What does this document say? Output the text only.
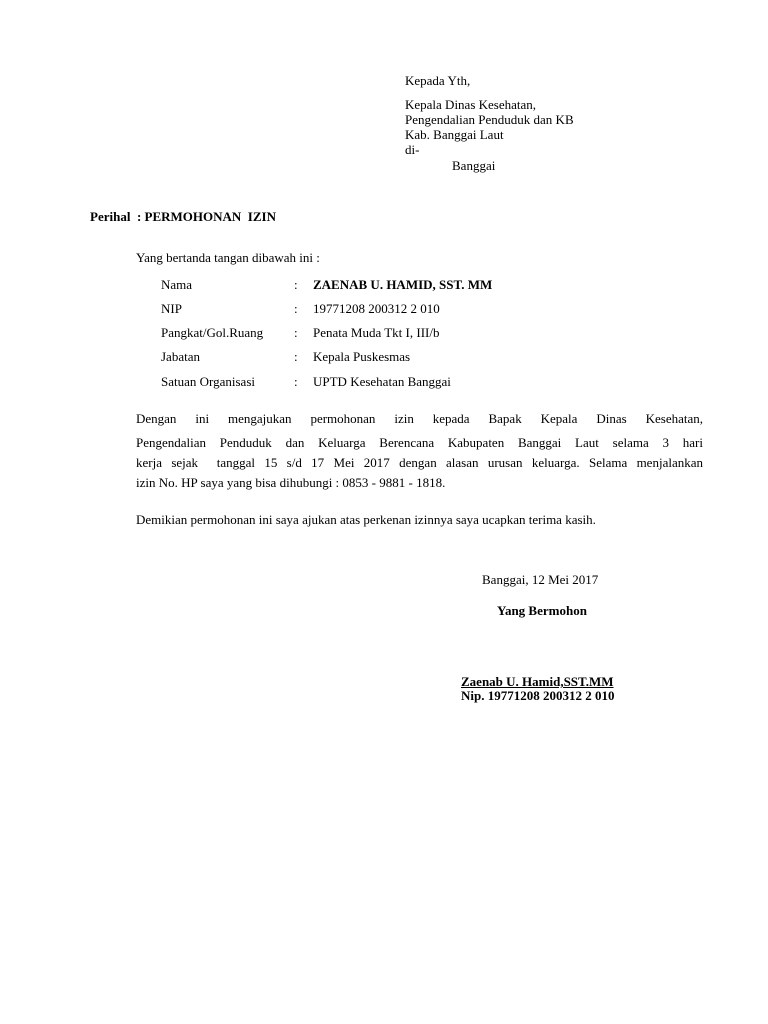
Kepada Yth,
Kepala Dinas Kesehatan,
Pengendalian Penduduk dan KB
Kab. Banggai Laut
di-
Banggai
Perihal : PERMOHONAN  IZIN
Yang bertanda tangan dibawah ini :
Nama	: ZAENAB U. HAMID, SST. MM
NIP	: 19771208 200312 2 010
Pangkat/Gol.Ruang : Penata Muda Tkt I, III/b
Jabatan	: Kepala Puskesmas
Satuan Organisasi	: UPTD Kesehatan Banggai
Dengan ini mengajukan permohonan izin kepada Bapak Kepala Dinas Kesehatan,
Pengendalian Penduduk dan Keluarga Berencana Kabupaten Banggai Laut selama 3 hari
kerja sejak  tanggal 15 s/d 17 Mei 2017 dengan alasan urusan keluarga. Selama menjalankan
izin No. HP saya yang bisa dihubungi : 0853 - 9881 - 1818.
Demikian permohonan ini saya ajukan atas perkenan izinnya saya ucapkan terima kasih.
Banggai, 12 Mei 2017
Yang Bermohon
Zaenab U. Hamid,SST.MM
Nip. 19771208 200312 2 010
